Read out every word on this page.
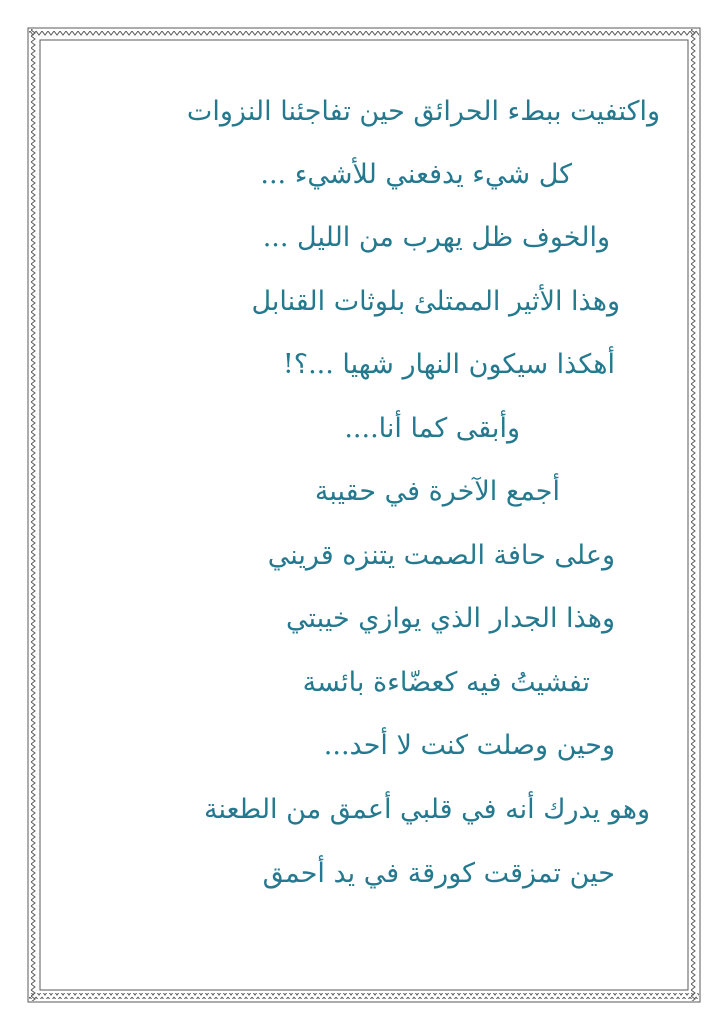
واكتفيت ببطء الحرائق حين تفاجئنا النزوات
كل شيء يدفعني للأشيء ...
والخوف ظل يهرب من الليل ...
وهذا الأثير الممتلئ بلوثات القنابل
أهكذا سيكون النهار شهيا ...؟!
وأبقى كما أنا....
أجمع الآخرة في حقيبة
وعلى حافة الصمت يتنزه قريني
وهذا الجدار الذي يوازي خيبتي
تفشيتُ فيه كعضّاءة بائسة
وحين وصلت كنت لا أحد...
وهو يدرك أنه في قلبي أعمق من الطعنة
حين تمزقت كورقة في يد أحمق
